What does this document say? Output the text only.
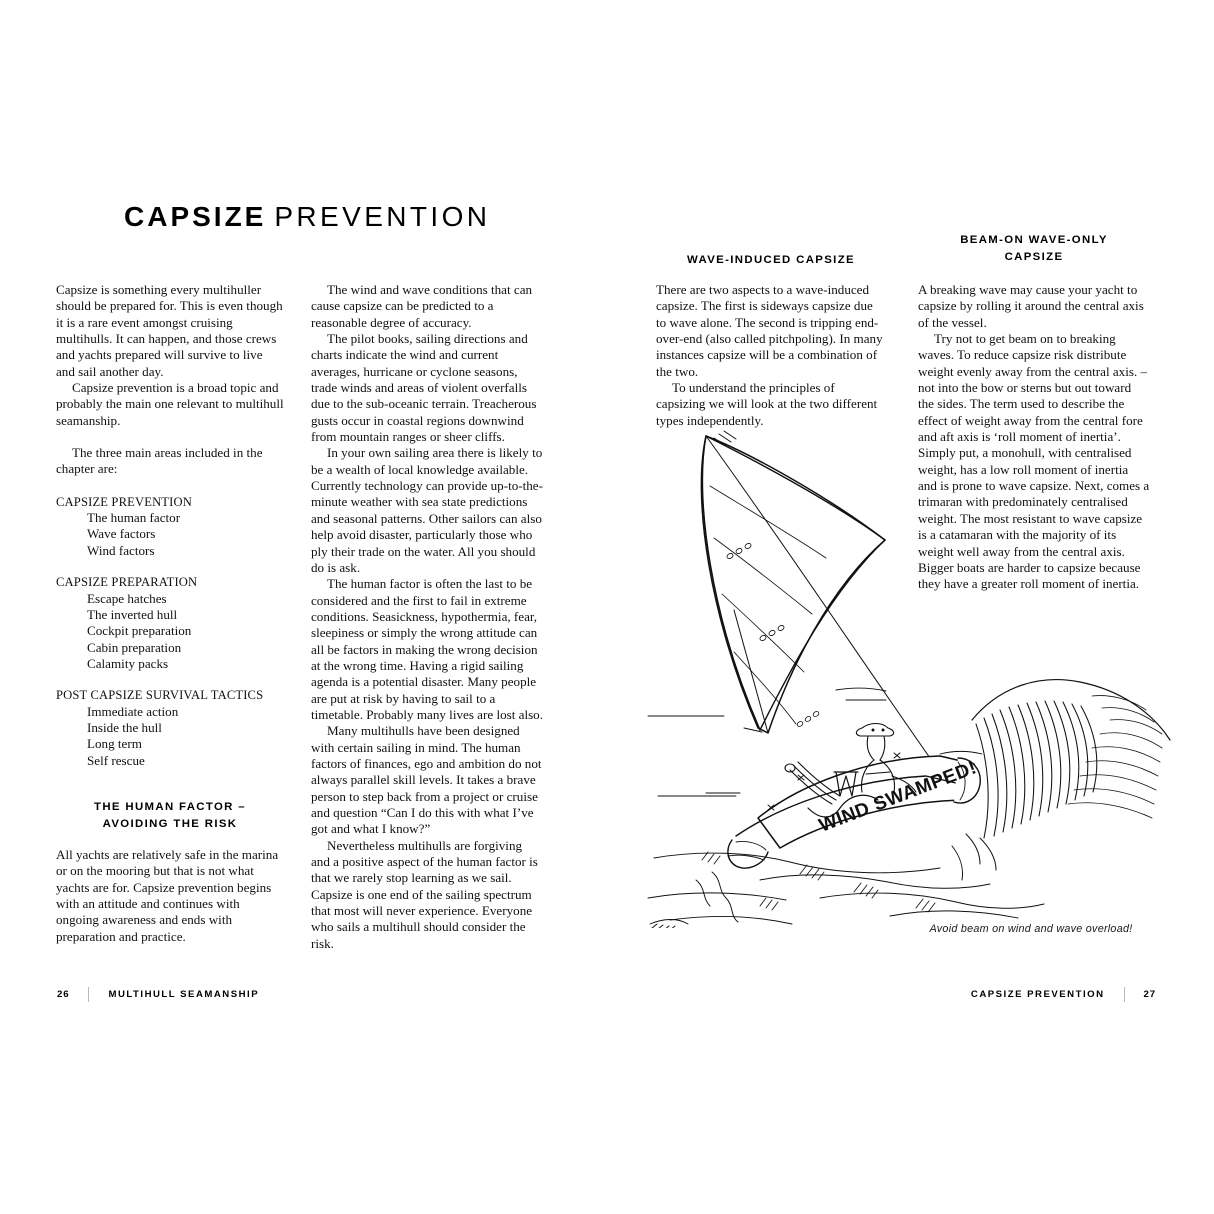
CAPSIZE PREVENTION

Capsize is something every multihuller should be prepared for. This is even though it is a rare event amongst cruising multihulls. It can happen, and those crews and yachts prepared will survive to live and sail another day.

Capsize prevention is a broad topic and probably the main one relevant to multihull seamanship.

The three main areas included in the chapter are:

CAPSIZE PREVENTION
The human factor
Wave factors
Wind factors
CAPSIZE PREPARATION
Escape hatches
The inverted hull
Cockpit preparation
Cabin preparation
Calamity packs
POST CAPSIZE SURVIVAL TACTICS
Immediate action
Inside the hull
Long term
Self rescue
THE HUMAN FACTOR –
AVOIDING THE RISK

All yachts are relatively safe in the marina or on the mooring but that is not what yachts are for. Capsize prevention begins with an attitude and continues with ongoing awareness and ends with preparation and practice.

The wind and wave conditions that can cause capsize can be predicted to a reasonable degree of accuracy.

The pilot books, sailing directions and charts indicate the wind and current averages, hurricane or cyclone seasons, trade winds and areas of violent overfalls due to the sub-oceanic terrain. Treacherous gusts occur in coastal regions downwind from mountain ranges or sheer cliffs.

In your own sailing area there is likely to be a wealth of local knowledge available. Currently technology can provide up-to-the-minute weather with sea state predictions and seasonal patterns. Other sailors can also help avoid disaster, particularly those who ply their trade on the water. All you should do is ask.

The human factor is often the last to be considered and the first to fail in extreme conditions. Seasickness, hypothermia, fear, sleepiness or simply the wrong attitude can all be factors in making the wrong decision at the wrong time. Having a rigid sailing agenda is a potential disaster. Many people are put at risk by having to sail to a timetable. Probably many lives are lost also.

Many multihulls have been designed with certain sailing in mind. The human factors of finances, ego and ambition do not always parallel skill levels. It takes a brave person to step back from a project or cruise and question “Can I do this with what I’ve got and what I know?”

Nevertheless multihulls are forgiving and a positive aspect of the human factor is that we rarely stop learning as we sail. Capsize is one end of the sailing spectrum that most will never experience. Everyone who sails a multihull should consider the risk.

WAVE-INDUCED CAPSIZE
BEAM-ON WAVE-ONLY
CAPSIZE

There are two aspects to a wave-induced capsize. The first is sideways capsize due to wave alone. The second is tripping end-over-end (also called pitchpoling). In many instances capsize will be a combination of the two.

To understand the principles of capsizing we will look at the two different types independently.

A breaking wave may cause your yacht to capsize by rolling it around the central axis of the vessel.

Try not to get beam on to breaking waves. To reduce capsize risk distribute weight evenly away from the central axis. – not into the bow or sterns but out toward the sides. The term used to describe the effect of weight away from the central fore and aft axis is ‘roll moment of inertia’. Simply put, a monohull, with centralised weight, has a low roll moment of inertia and is prone to wave capsize. Next, comes a trimaran with predominately centralised weight. The most resistant to wave capsize is a catamaran with the majority of its weight well away from the central axis. Bigger boats are harder to capsize because they have a greater roll moment of inertia.

WIND SWAMPED!
Avoid beam on wind and wave overload!
26	MULTIHULL SEAMANSHIP	CAPSIZE PREVENTION	27
